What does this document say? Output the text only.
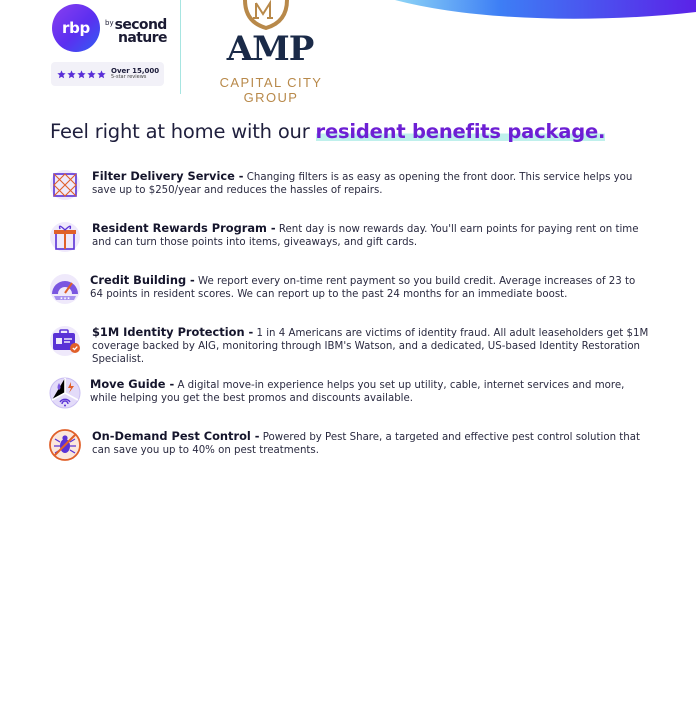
rbp $^{by}$second
nature
Over 15,000
5-star reviews
AMP
CAPITAL CITY
GROUP
Feel right at home with our resident benefits package.
Filter Delivery Service - Changing filters is as easy as opening the front door. This service helps you save up to $250/year and reduces the hassles of repairs.
Resident Rewards Program - Rent day is now rewards day. You'll earn points for paying rent on time and can turn those points into items, giveaways, and gift cards.
★★★
Credit Building - We report every on-time rent payment so you build credit. Average increases of 23 to 64 points in resident scores. We can report up to the past 24 months for an immediate boost.
$1M Identity Protection - 1 in 4 Americans are victims of identity fraud. All adult leaseholders get $1M coverage backed by AIG, monitoring through IBM's Watson, and a dedicated, US-based Identity Restoration Specialist.
Move Guide - A digital move-in experience helps you set up utility, cable, internet services and more, while helping you get the best promos and discounts available.
On-Demand Pest Control - Powered by Pest Share, a targeted and effective pest control solution that can save you up to 40% on pest treatments.
